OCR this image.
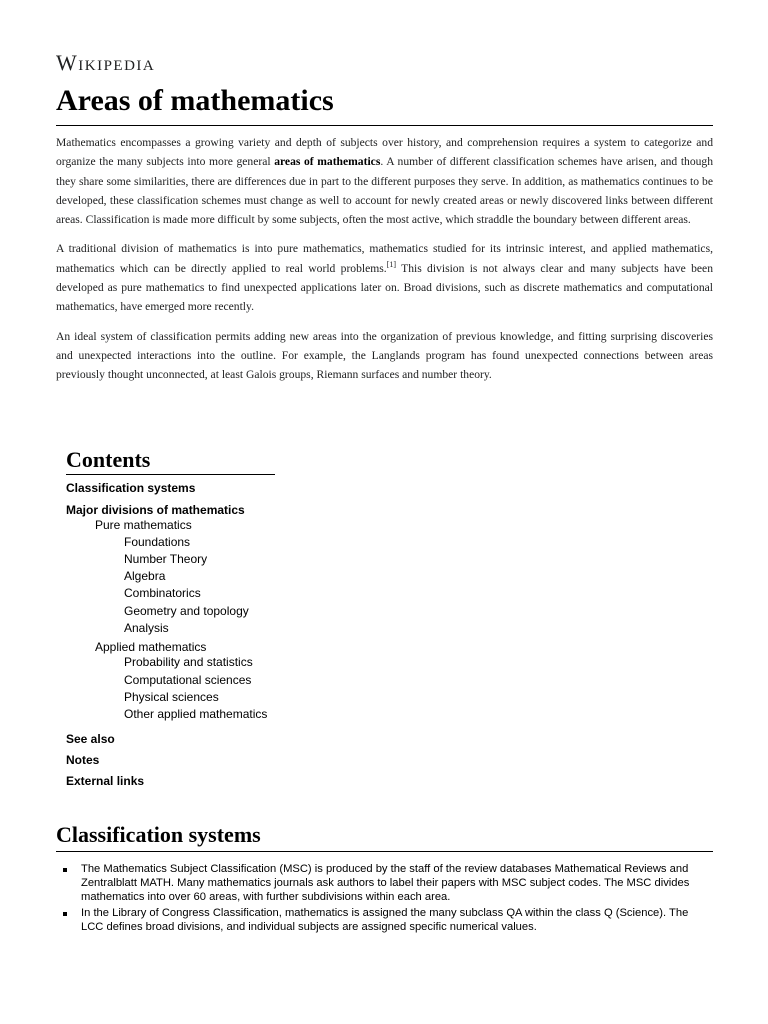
Wikipedia
Areas of mathematics

Mathematics encompasses a growing variety and depth of subjects over history, and comprehension requires a system to categorize and organize the many subjects into more general areas of mathematics. A number of different classification schemes have arisen, and though they share some similarities, there are differences due in part to the different purposes they serve. In addition, as mathematics continues to be developed, these classification schemes must change as well to account for newly created areas or newly discovered links between different areas. Classification is made more difficult by some subjects, often the most active, which straddle the boundary between different areas.

A traditional division of mathematics is into pure mathematics, mathematics studied for its intrinsic interest, and applied mathematics, mathematics which can be directly applied to real world problems.[1] This division is not always clear and many subjects have been developed as pure mathematics to find unexpected applications later on. Broad divisions, such as discrete mathematics and computational mathematics, have emerged more recently.

An ideal system of classification permits adding new areas into the organization of previous knowledge, and fitting surprising discoveries and unexpected interactions into the outline. For example, the Langlands program has found unexpected connections between areas previously thought unconnected, at least Galois groups, Riemann surfaces and number theory.

Contents
Classification systems
Major divisions of mathematics
Pure mathematics
Foundations
Number Theory
Algebra
Combinatorics
Geometry and topology
Analysis
Applied mathematics
Probability and statistics
Computational sciences
Physical sciences
Other applied mathematics
See also
Notes
External links
Classification systems
The Mathematics Subject Classification (MSC) is produced by the staff of the review databases Mathematical Reviews and Zentralblatt MATH. Many mathematics journals ask authors to label their papers with MSC subject codes. The MSC divides mathematics into over 60 areas, with further subdivisions within each area.
In the Library of Congress Classification, mathematics is assigned the many subclass QA within the class Q (Science). The LCC defines broad divisions, and individual subjects are assigned specific numerical values.
